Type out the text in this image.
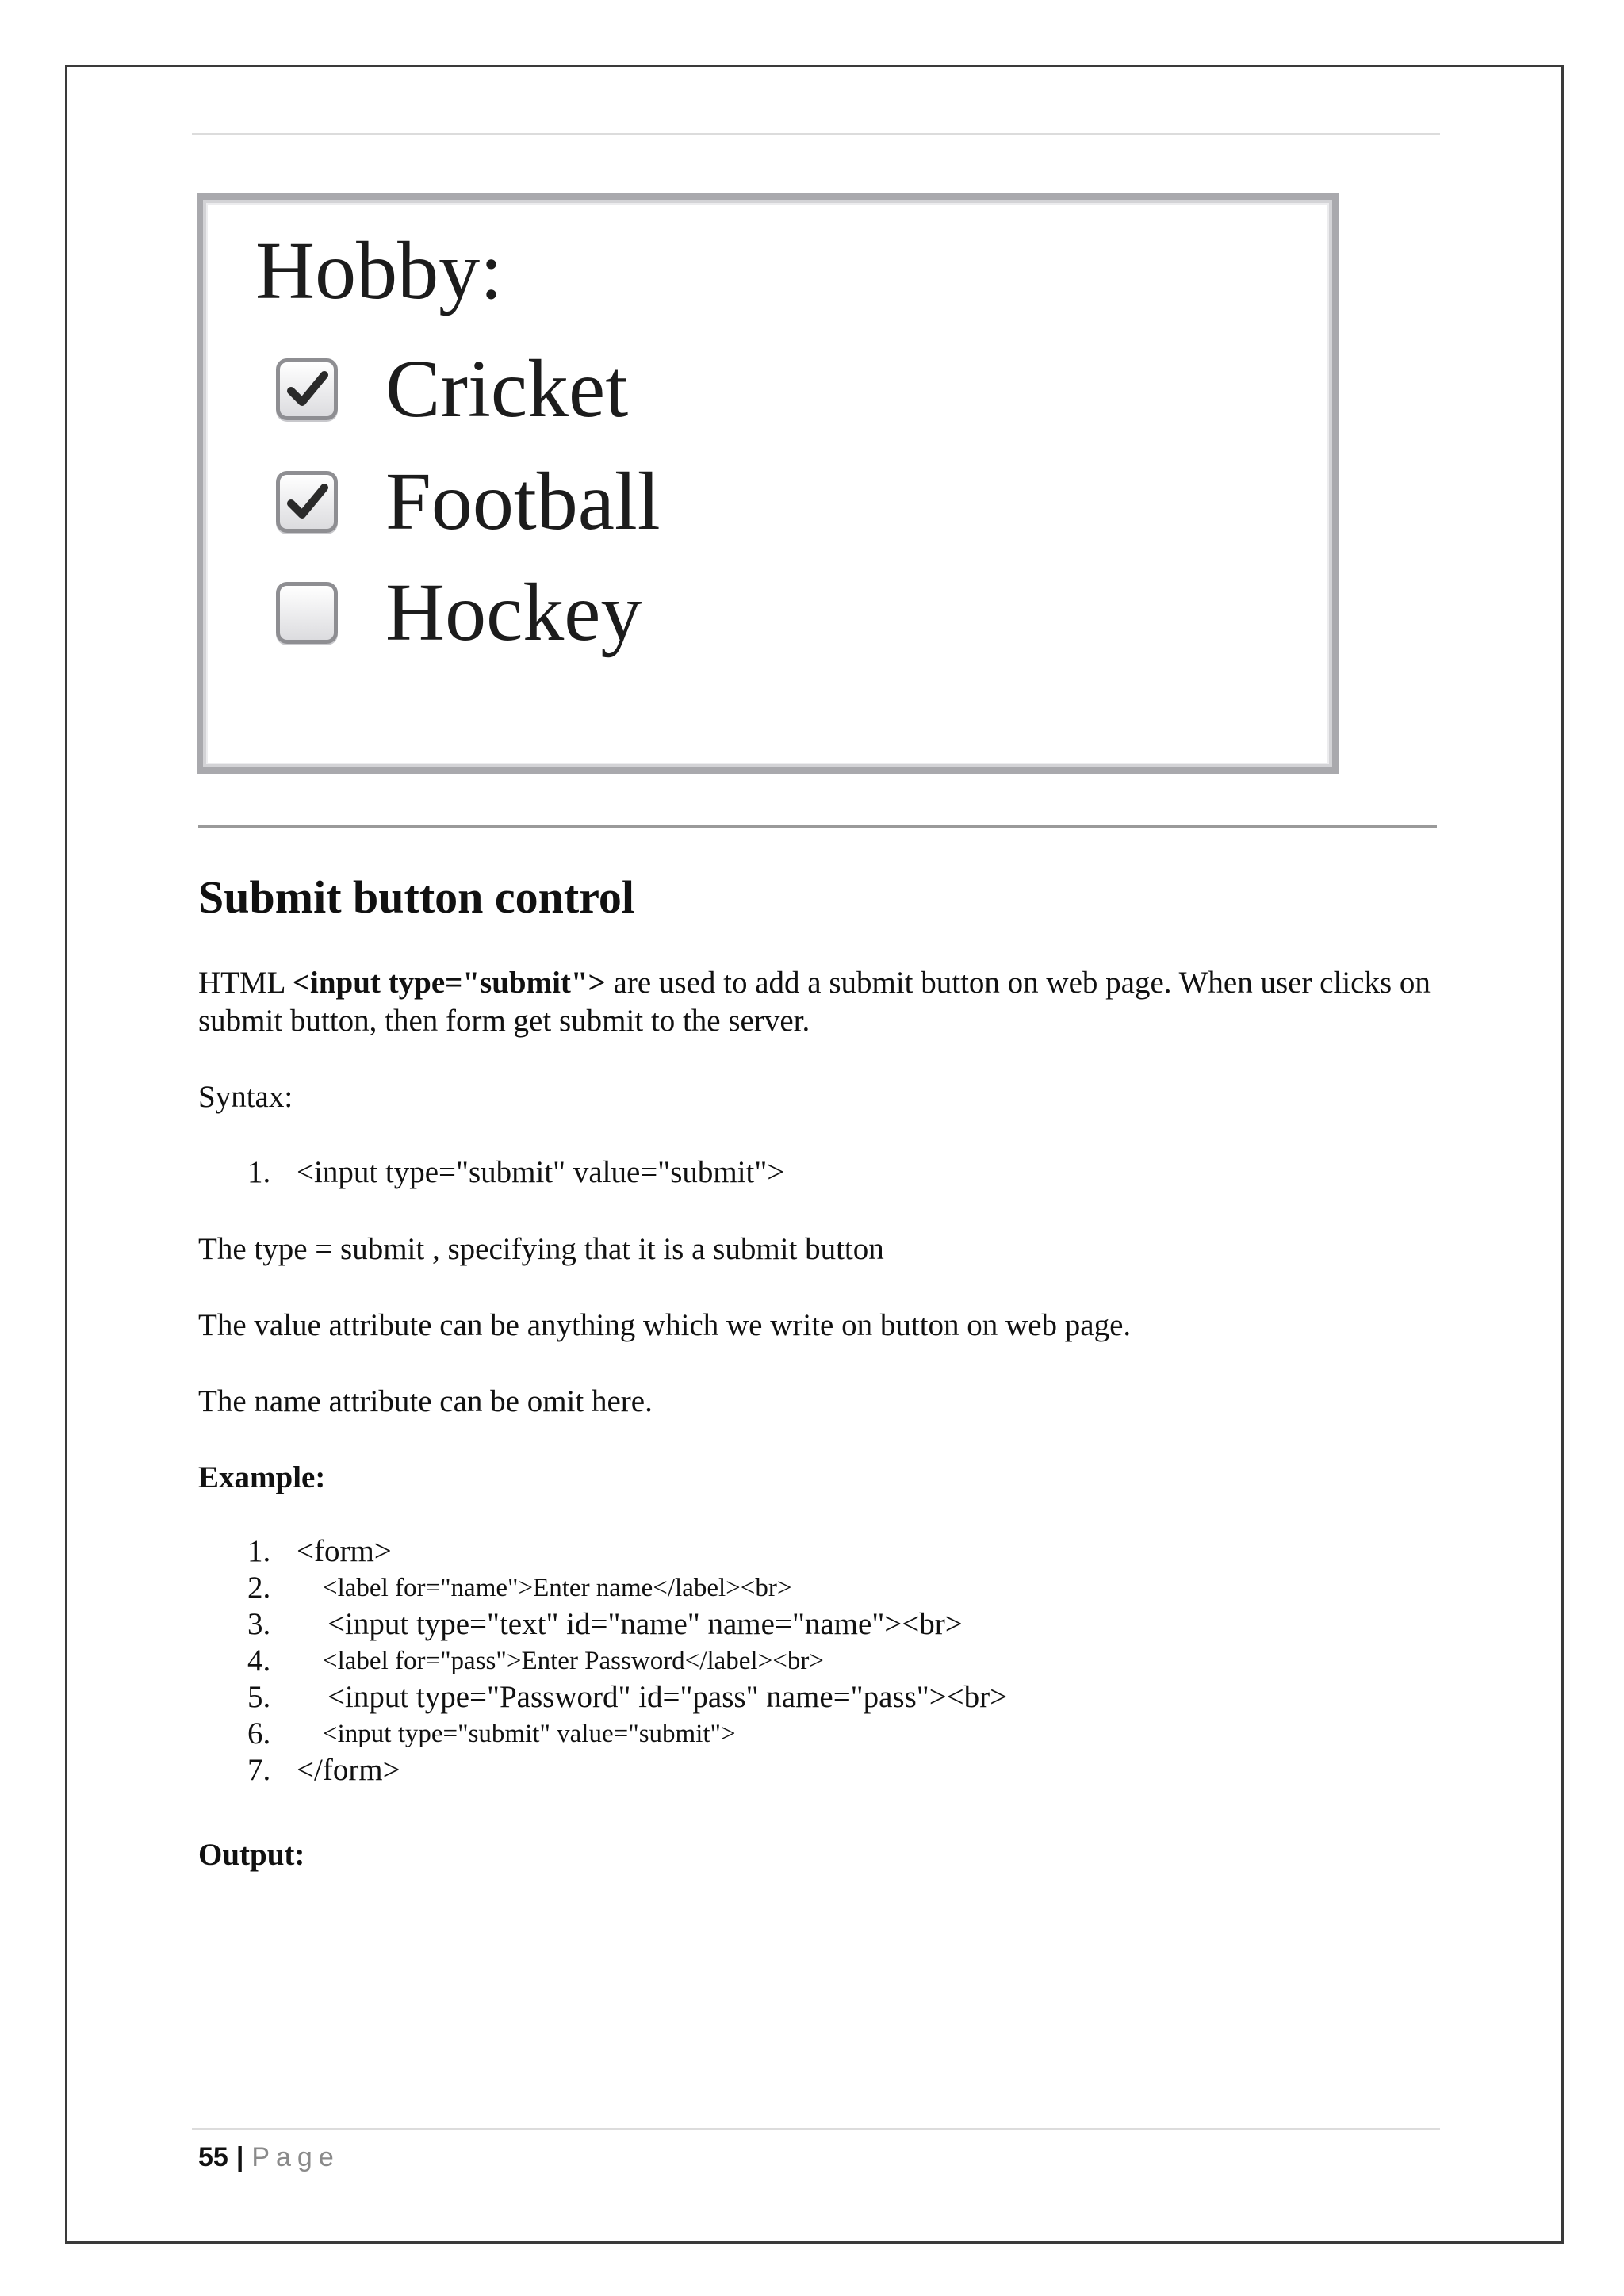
Hobby:
Cricket
Football
Hockey
Submit button control

HTML <input type="submit"> are used to add a submit button on web page. When user clicks on submit button, then form get submit to the server.

Syntax:

1. <input type="submit" value="submit">

The type = submit , specifying that it is a submit button

The value attribute can be anything which we write on button on web page.

The name attribute can be omit here.

Example:

1. <form>
2. <label for="name">Enter name</label><br>
3. <input type="text" id="name" name="name"><br>
4. <label for="pass">Enter Password</label><br>
5. <input type="Password" id="pass" name="pass"><br>
6. <input type="submit" value="submit">
7. </form>

Output:

55 | Page
